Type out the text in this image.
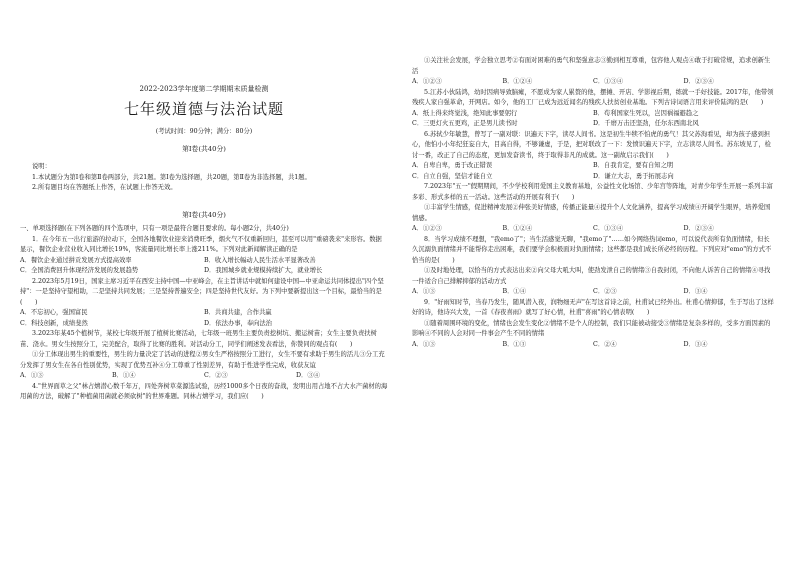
2022-2023学年度第二学期期末质量检测
七年级道德与法治试题
(考试时间：90分钟；满分：80分)
第Ⅰ卷(共40分)

说明：

1.本试题分为第Ⅰ卷和第Ⅱ卷两部分，共21题。第Ⅰ卷为选择题，共20题，第Ⅱ卷为非选择题，共1题。

2.所有题目均在答题纸上作答，在试题上作答无效。

第Ⅰ卷(共40分)

一、单项选择题(在下列各题的四个选项中，只有一项是最符合题目要求的。每小题2分，共40分)

1．在今年五一出行旅游的拉动下，全国各地餐饮业迎来消费旺季，烟火气不仅重新回归，甚至可以用"重磅袭来"来形容。数据显示，餐饮企业营业收入同比增长19%，客流量同比增长率上涨211%。下列对此新闻解读正确的是

A．餐饮企业通过拼贡发展方式提高效率	B．收入增长幅动人民生活水平显著改善
C．全国消费回升体现经济发展的发展趋势	D．我国城乡就业规模持续扩大，就业增长

2.2023年5月19日，国家主席习近平在西安主持中国—中亚峰会，在主旨讲话中就如何建设中国—中亚命运共同体提出"四个坚持"：一是坚持守望相助，二是坚持共同发展；三是坚持普遍安全；四是坚持世代友好。为下列中要新提出这一个目标，最恰当的是(　　)

A．不忘初心，强国富民	B．共商共建，合作共赢
C．科技创新，成绩斐然	D．依法办事，奉向法治

3.2023年某45个植树节，某校七年级开展了植树比赛活动，七年级一班男生主要负责挖树坑、搬运树苗；女生主要负责扶树苗、浇水。男女生按照分工，完美配合，取得了比赛的胜利。对活动分工，同学们阐述发表看法，你赞同的观点有(　　)

①分工体现出男生的重要性，男生的力量决定了活动的进程②男女生严格按照分工进行，女生不要有求助于男生的活儿③分工充分发挥了男女生在各自性别优势，实现了优势互补④分工尊重了性别差异，有助于性进学性完成，收获友谊

A．①③	B．①④	C．②③	D．③④

4."世界面草之父"林占熺潜心数千年万，四处奔树草菜源选试验，历经1000多个日夜的奋战，发明出用占地不占大水产菌材的海用菌的方法，破解了"种植菌用菌就必须砍树"的世界难题。同林占熺学习，我们应(　　)

①关注社会发展，学会独立思考②有面对困难的勇气和坚强意志③勤到相互尊重，包容他人观点④敢于打破常规，追求创新生活

A．①②③	B．①②④	C．①③④	D．②③④

5.江苏小伙陆鸿，幼时因病导致脑瘫，不愿成为家人累赘的他，摆摊、开店、学影视后期，练就一手好技能。2017年，他带领残疾人家自强革命，开网店。如今，他的工厂已成为远近闻名的残疾人扶贫创业基地。下列古诗词语言用来评价陆鸿的是(　　)

A．纸上得来终觉浅，绝知此事要躬行	B．苟利国家生死以，岂因祸福避趋之
C．三更灯火五更鸡，正是男儿读书时	D．千磨万击还坚劲，任尔东西南北风

6.苏轼少年敏慧，曾写了一副对联：识遍天下字，读尽人间书。这是初生牛犊不怕虎的勇气！其父苏洵看见，却为孩子感到担心，他怕小小年纪狂妄自大，目高自得，不够谦虚，于是，把对联改了一下：发愤识遍天下字，立志读尽人间书。苏东坡见了，检讨一番，改正了自己的态度，更加发奋读书，终于取得非凡的成就。这一副故启示我们(　　)

A．自卑自卑，勇于改正错误	B．自我肯定，要有自知之明
C．自立自强，坚信才能自立	D．谦立大志，勇于拓展志向

7.2023年"五一"假期期间，不少学校利用爱国主义教育基地，公益性文化场馆、少年宫等阵地，对青少年学生开展一系列丰富多彩、形式多样的五一活动。这些活动的开展有利于(　　)

①丰富学生情感，促进精神发展②伸张美好情感，传播正能量④提升个人文化涵养，提高学习成绩④开阔学生眼界，培养爱国情感。

A．①②③	B．①②④	C．①③④	D．②③④

8．当学习成绩不理想，"我emo了"；当生活感觉无聊，"我emo了"……如今网络热词emo，可以说代表所有负面情绪，但长久沉溺负面情绪并不能帮你走出困难，我们要学会积极面对负面情绪；这些都是我们成长所必经的历程。下列应对"emo"的方式不恰当的是(　　)

①及时地处理，以恰当的方式表达出来②向父母大吼大叫，使劲发泄自己的情绪③自我封闭，不向他人诉苦自己的情绪④寻找一件适合自己排解抑郁的活动方式

A．①③	B．①④	C．②③	D．③④

9．"好雨知时节，当春乃发生，随风潜入夜，润物细无声"在写这首诗之前，杜甫试已经外出。杜甫心情抑郁，生于写出了这样好的诗，他诗兴大发，一首《春夜喜雨》就写了好心情，杜甫"喜雨"的心情表明(　　)

①随着周围环境的变化，情绪也会发生变化②情绪不是个人的控制，我们只能被动接受③情绪是复杂多样的，受多方面因素的影响④不同的人会对同一件事会产生不同的情绪

A．①③	B．①③	C．②④	D．③④
